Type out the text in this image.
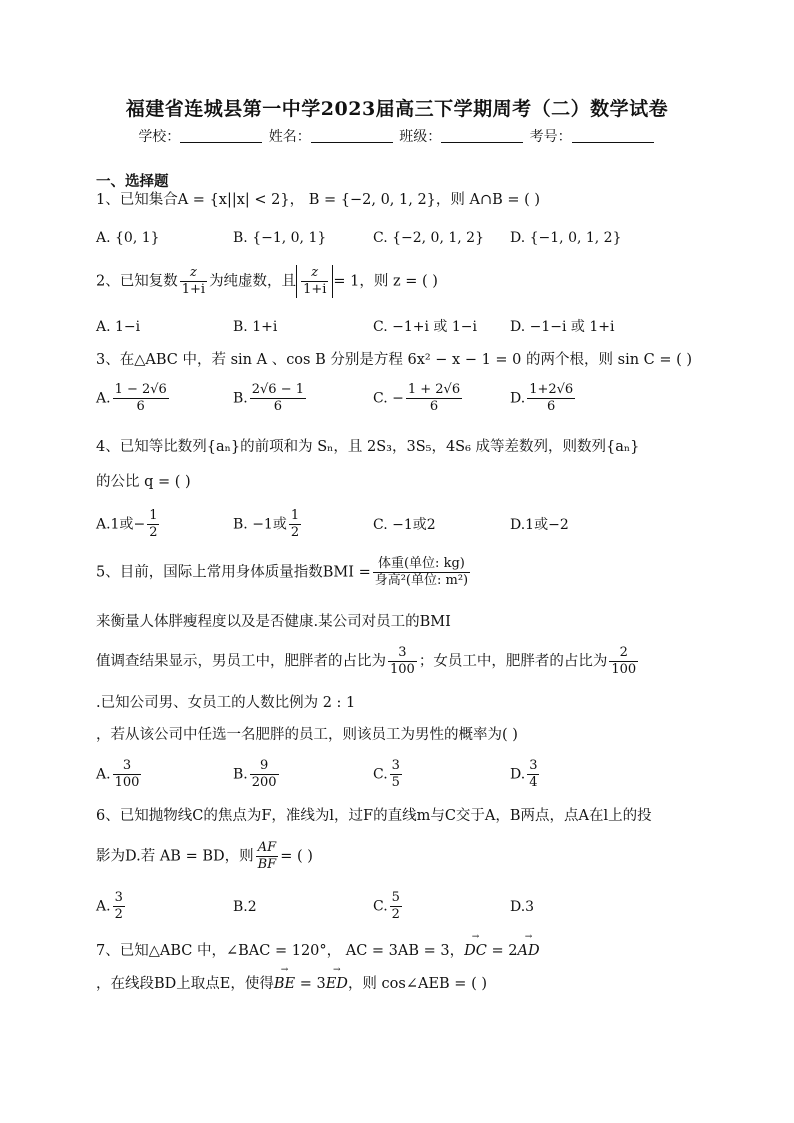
福建省连城县第一中学2023届高三下学期周考（二）数学试卷
学校：	姓名：	班级：	考号：
一、选择题
1、已知集合A = {x||x| < 2}， B = {−2, 0, 1, 2}，则 A∩B = ( )
A. {0, 1}	B. {−1, 0, 1}	C. {−2, 0, 1, 2} D. {−1, 0, 1, 2}
2、已知复数 $\frac{z}{1+i}$ 为纯虚数，且 $\frac{z}{1+i} = 1$，则 z = ( )
A. 1−i	B. 1+i	C. −1+i 或 1−i D. −1−i 或 1+i
3、在△ABC 中，若 sin A 、cos B 分别是方程 6x² − x − 1 = 0 的两个根，则 sin C = ( )
A. $\frac{1 - 2√6}{6}$	B. $\frac{2√6 - 1}{6}$	C. − $\frac{1 + 2√6}{6}$	D. $\frac{1+2√6}{6}$
4、已知等比数列{aₙ}的前项和为 Sₙ，且 2S₃，3S₅，4S₆ 成等差数列，则数列{aₙ}
的公比 q = ( )
A.1或− $\frac{1}{2}$	B. −1或 $\frac{1}{2}$	C. −1或2	D.1或−2
5、目前，国际上常用身体质量指数BMI = $\frac{\text{体重(单位: kg)}}{\text{身高²(单位: m²)}}$
来衡量人体胖瘦程度以及是否健康.某公司对员工的BMI
值调查结果显示，男员工中，肥胖者的占比为 $\frac{3}{100}$ ；女员工中，肥胖者的占比为 $\frac{2}{100}$
.已知公司男、女员工的人数比例为 2 : 1
，若从该公司中任选一名肥胖的员工，则该员工为男性的概率为( )
A. $\frac{3}{100}$	B. $\frac{9}{200}$	C. $\frac{3}{5}$	D. $\frac{3}{4}$
6、已知抛物线C的焦点为F，准线为l，过F的直线m与C交于A，B两点，点A在l上的投
影为D.若 AB = BD，则 $\frac{AF}{BF}$ = ( )
A. $\frac{3}{2}$	B.2	C. $\frac{5}{2}$	D.3
7、已知△ABC 中，∠BAC = 120°， AC = 3AB = 3，→ DC = 2→ AD
，在线段BD上取点E，使得→ BE = 3→ ED，则 cos∠AEB = ( )
